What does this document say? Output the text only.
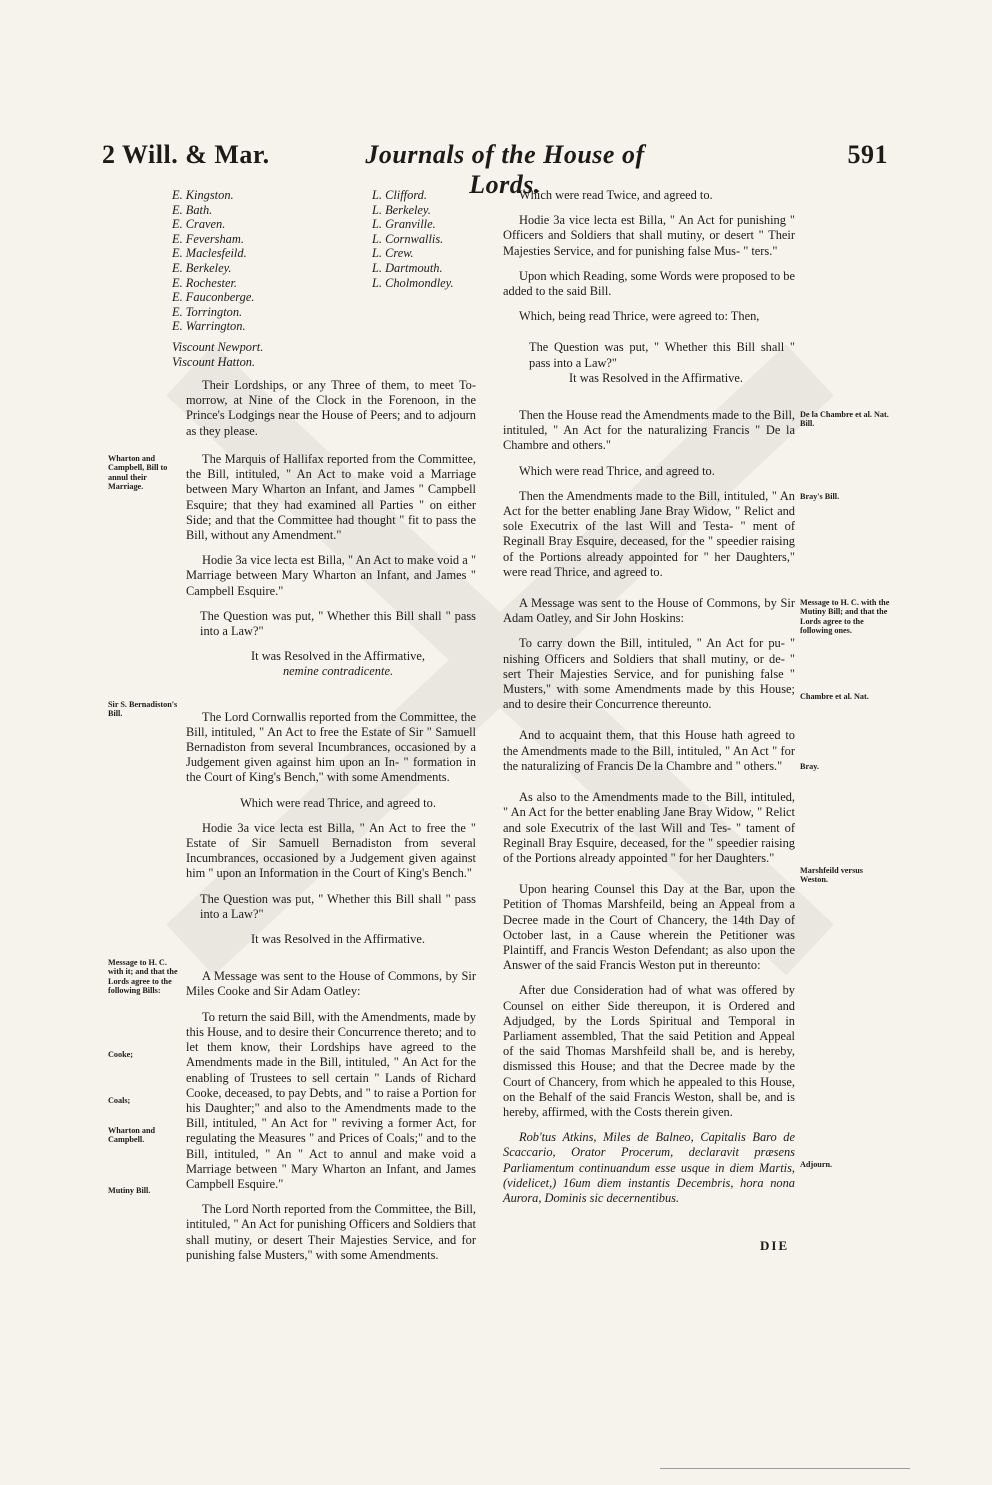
2 Will. & Mar.	Journals of the House of Lords.
591
E. Kingston.
E. Bath.
E. Craven.
E. Feversham.
E. Maclesfeild.
E. Berkeley.
E. Rochester.
E. Fauconberge.
E. Torrington.
E. Warrington.
Viscount Newport.
Viscount Hatton.
L. Clifford.
L. Berkeley.
L. Granville.
L. Cornwallis.
L. Crew.
L. Dartmouth.
L. Cholmondley.

Their Lordships, or any Three of them, to meet To-morrow, at Nine of the Clock in the Forenoon, in the Prince's Lodgings near the House of Peers; and to adjourn as they please.

The Marquis of Hallifax reported from the Committee, the Bill, intituled, " An Act to make void a Marriage between Mary Wharton an Infant, and James " Campbell Esquire; that they had examined all Parties " on either Side; and that the Committee had thought " fit to pass the Bill, without any Amendment."

Hodie 3a vice lecta est Billa, " An Act to make void a " Marriage between Mary Wharton an Infant, and James " Campbell Esquire."

The Question was put, " Whether this Bill shall " pass into a Law?"

It was Resolved in the Affirmative,

nemine contradicente.

The Lord Cornwallis reported from the Committee, the Bill, intituled, " An Act to free the Estate of Sir " Samuell Bernadiston from several Incumbrances, occasioned by a Judgement given against him upon an In- " formation in the Court of King's Bench," with some Amendments.

Which were read Thrice, and agreed to.

Hodie 3a vice lecta est Billa, " An Act to free the " Estate of Sir Samuell Bernadiston from several Incumbrances, occasioned by a Judgement given against him " upon an Information in the Court of King's Bench."

The Question was put, " Whether this Bill shall " pass into a Law?"

It was Resolved in the Affirmative.

A Message was sent to the House of Commons, by Sir Miles Cooke and Sir Adam Oatley:

To return the said Bill, with the Amendments, made by this House, and to desire their Concurrence thereto; and to let them know, their Lordships have agreed to the Amendments made in the Bill, intituled, " An Act for the enabling of Trustees to sell certain " Lands of Richard Cooke, deceased, to pay Debts, and " to raise a Portion for his Daughter;" and also to the Amendments made to the Bill, intituled, " An Act for " reviving a former Act, for regulating the Measures " and Prices of Coals;" and to the Bill, intituled, " An " Act to annul and make void a Marriage between " Mary Wharton an Infant, and James Campbell Esquire."

The Lord North reported from the Committee, the Bill, intituled, " An Act for punishing Officers and Soldiers that shall mutiny, or desert Their Majesties Service, and for punishing false Musters," with some Amendments.

Wharton and Campbell, Bill to annul their Marriage.
Sir S. Bernadiston's Bill.
Message to H. C. with it; and that the Lords agree to the following Bills:
Cooke;
Coals;
Wharton and Campbell.
Mutiny Bill.

Which were read Twice, and agreed to.

Hodie 3a vice lecta est Billa, " An Act for punishing " Officers and Soldiers that shall mutiny, or desert " Their Majesties Service, and for punishing false Mus- " ters."

Upon which Reading, some Words were proposed to be added to the said Bill.

Which, being read Thrice, were agreed to: Then,

The Question was put, " Whether this Bill shall " pass into a Law?"

It was Resolved in the Affirmative.

Then the House read the Amendments made to the Bill, intituled, " An Act for the naturalizing Francis " De la Chambre and others."

Which were read Thrice, and agreed to.

Then the Amendments made to the Bill, intituled, " An Act for the better enabling Jane Bray Widow, " Relict and sole Executrix of the last Will and Testa- " ment of Reginall Bray Esquire, deceased, for the " speedier raising of the Portions already appointed for " her Daughters," were read Thrice, and agreed to.

A Message was sent to the House of Commons, by Sir Adam Oatley, and Sir John Hoskins:

To carry down the Bill, intituled, " An Act for pu- " nishing Officers and Soldiers that shall mutiny, or de- " sert Their Majesties Service, and for punishing false " Musters," with some Amendments made by this House; and to desire their Concurrence thereunto.

And to acquaint them, that this House hath agreed to the Amendments made to the Bill, intituled, " An Act " for the naturalizing of Francis De la Chambre and " others."

As also to the Amendments made to the Bill, intituled, " An Act for the better enabling Jane Bray Widow, " Relict and sole Executrix of the last Will and Tes- " tament of Reginall Bray Esquire, deceased, for the " speedier raising of the Portions already appointed " for her Daughters."

Upon hearing Counsel this Day at the Bar, upon the Petition of Thomas Marshfeild, being an Appeal from a Decree made in the Court of Chancery, the 14th Day of October last, in a Cause wherein the Petitioner was Plaintiff, and Francis Weston Defendant; as also upon the Answer of the said Francis Weston put in thereunto:

After due Consideration had of what was offered by Counsel on either Side thereupon, it is Ordered and Adjudged, by the Lords Spiritual and Temporal in Parliament assembled, That the said Petition and Appeal of the said Thomas Marshfeild shall be, and is hereby, dismissed this House; and that the Decree made by the Court of Chancery, from which he appealed to this House, on the Behalf of the said Francis Weston, shall be, and is hereby, affirmed, with the Costs therein given.

Rob'tus Atkins, Miles de Balneo, Capitalis Baro de Scaccario, Orator Procerum, declaravit præsens Parliamentum continuandum esse usque in diem Martis, (videlicet,) 16um diem instantis Decembris, hora nona Aurora, Dominis sic decernentibus.

De la Chambre et al. Nat. Bill.
Bray's Bill.
Message to H. C. with the Mutiny Bill; and that the Lords agree to the following ones.
Chambre et al. Nat.
Bray.
Marshfeild versus Weston.
Adjourn.
DIE
